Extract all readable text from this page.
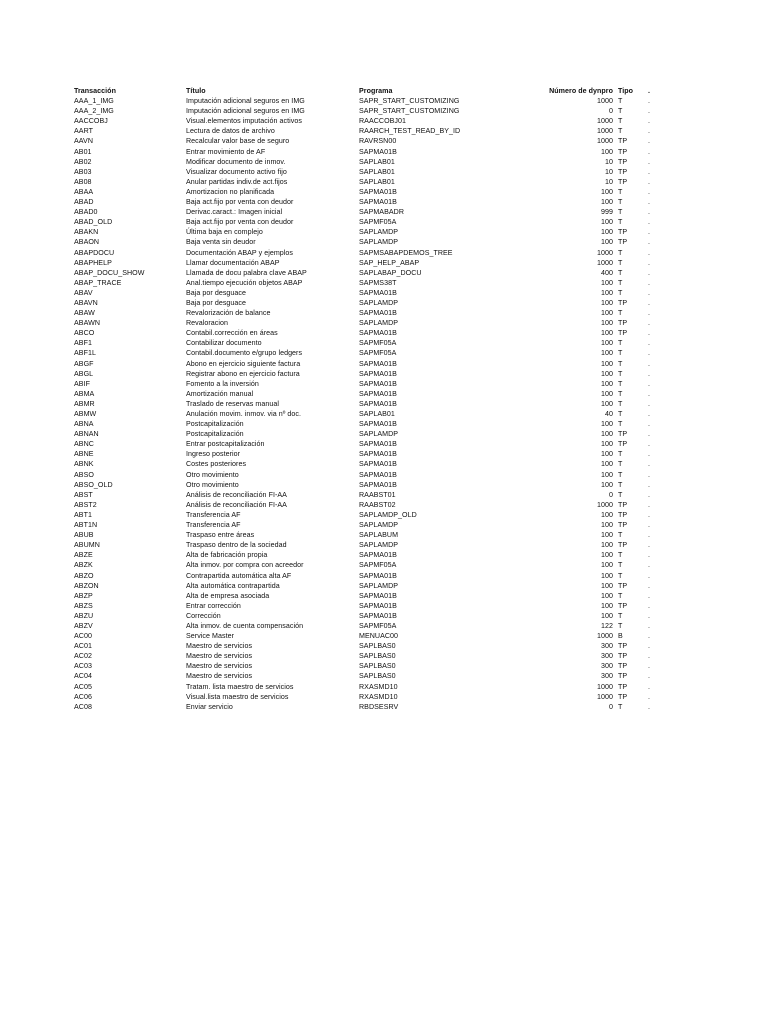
Transacción	Título	Programa	Número de dynpro	Tipo	.
AAA_1_IMG	Imputación adicional seguros en IMG	SAPR_START_CUSTOMIZING	1000	T	.
AAA_2_IMG	Imputación adicional seguros en IMG	SAPR_START_CUSTOMIZING	0	T	.
AACCOBJ	Visual.elementos imputación activos	RAACCOBJ01	1000	T	.
AART	Lectura de datos de archivo	RAARCH_TEST_READ_BY_ID	1000	T	.
AAVN	Recalcular valor base de seguro	RAVRSN00	1000	TP	.
AB01	Entrar movimiento de AF	SAPMA01B	100	TP	.
AB02	Modificar documento de inmov.	SAPLAB01	10	TP	.
AB03	Visualizar documento activo fijo	SAPLAB01	10	TP	.
AB08	Anular partidas indiv.de act.fijos	SAPLAB01	10	TP	.
ABAA	Amortizacion no planificada	SAPMA01B	100	T	.
ABAD	Baja act.fijo por venta con deudor	SAPMA01B	100	T	.
ABAD0	Derivac.caract.: Imagen inicial	SAPMABADR	999	T	.
ABAD_OLD	Baja act.fijo por venta con deudor	SAPMF05A	100	T	.
ABAKN	Última baja en complejo	SAPLAMDP	100	TP	.
ABAON	Baja venta sin deudor	SAPLAMDP	100	TP	.
ABAPDOCU	Documentación ABAP y ejemplos	SAPMSABAPDEMOS_TREE	1000	T	.
ABAPHELP	Llamar documentación ABAP	SAP_HELP_ABAP	1000	T	.
ABAP_DOCU_SHOW	Llamada de docu palabra clave ABAP	SAPLABAP_DOCU	400	T	.
ABAP_TRACE	Anal.tiempo ejecución objetos ABAP	SAPMS38T	100	T	.
ABAV	Baja por desguace	SAPMA01B	100	T	.
ABAVN	Baja por desguace	SAPLAMDP	100	TP	.
ABAW	Revalorización de balance	SAPMA01B	100	T	.
ABAWN	Revaloracion	SAPLAMDP	100	TP	.
ABCO	Contabil.corrección en áreas	SAPMA01B	100	TP	.
ABF1	Contabilizar documento	SAPMF05A	100	T	.
ABF1L	Contabil.documento e/grupo ledgers	SAPMF05A	100	T	.
ABGF	Abono en ejercicio siguiente factura	SAPMA01B	100	T	.
ABGL	Registrar abono en ejercicio factura	SAPMA01B	100	T	.
ABIF	Fomento a la inversión	SAPMA01B	100	T	.
ABMA	Amortización manual	SAPMA01B	100	T	.
ABMR	Traslado de reservas manual	SAPMA01B	100	T	.
ABMW	Anulación movim. inmov. via nº doc.	SAPLAB01	40	T	.
ABNA	Postcapitalización	SAPMA01B	100	T	.
ABNAN	Postcapitalización	SAPLAMDP	100	TP	.
ABNC	Entrar postcapitalización	SAPMA01B	100	TP	.
ABNE	Ingreso posterior	SAPMA01B	100	T	.
ABNK	Costes posteriores	SAPMA01B	100	T	.
ABSO	Otro movimiento	SAPMA01B	100	T	.
ABSO_OLD	Otro movimiento	SAPMA01B	100	T	.
ABST	Análisis de reconciliación FI-AA	RAABST01	0	T	.
ABST2	Análisis de reconciliación FI-AA	RAABST02	1000	TP	.
ABT1	Transferencia AF	SAPLAMDP_OLD	100	TP	.
ABT1N	Transferencia AF	SAPLAMDP	100	TP	.
ABUB	Traspaso entre áreas	SAPLABUM	100	T	.
ABUMN	Traspaso dentro de la sociedad	SAPLAMDP	100	TP	.
ABZE	Alta de fabricación propia	SAPMA01B	100	T	.
ABZK	Alta inmov. por compra con acreedor	SAPMF05A	100	T	.
ABZO	Contrapartida automática alta AF	SAPMA01B	100	T	.
ABZON	Alta automática contrapartida	SAPLAMDP	100	TP	.
ABZP	Alta de empresa asociada	SAPMA01B	100	T	.
ABZS	Entrar corrección	SAPMA01B	100	TP	.
ABZU	Corrección	SAPMA01B	100	T	.
ABZV	Alta inmov. de cuenta compensación	SAPMF05A	122	T	.
AC00	Service Master	MENUAC00	1000	B	.
AC01	Maestro de servicios	SAPLBAS0	300	TP	.
AC02	Maestro de servicios	SAPLBAS0	300	TP	.
AC03	Maestro de servicios	SAPLBAS0	300	TP	.
AC04	Maestro de servicios	SAPLBAS0	300	TP	.
AC05	Tratam. lista maestro de servicios	RXASMD10	1000	TP	.
AC06	Visual.lista maestro de servicios	RXASMD10	1000	TP	.
AC08	Enviar servicio	RBDSESRV	0	T	.
